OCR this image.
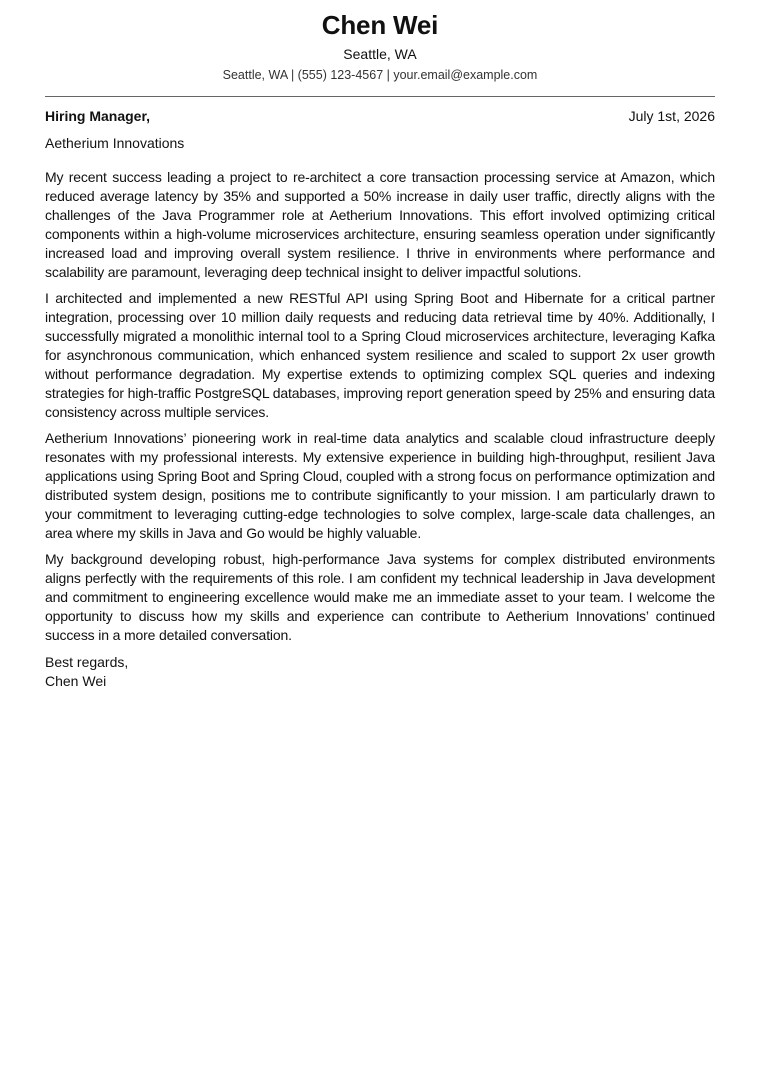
Chen Wei
Seattle, WA
Seattle, WA | (555) 123-4567 | your.email@example.com
Hiring Manager,	July 1st, 2026
Aetherium Innovations

My recent success leading a project to re-architect a core transaction processing service at Amazon, which reduced average latency by 35% and supported a 50% increase in daily user traffic, directly aligns with the challenges of the Java Programmer role at Aetherium Innovations. This effort involved optimizing critical components within a high-volume microservices architecture, ensuring seamless operation under significantly increased load and improving overall system resilience. I thrive in environments where performance and scalability are paramount, leveraging deep technical insight to deliver impactful solutions.

I architected and implemented a new RESTful API using Spring Boot and Hibernate for a critical partner integration, processing over 10 million daily requests and reducing data retrieval time by 40%. Additionally, I successfully migrated a monolithic internal tool to a Spring Cloud microservices architecture, leveraging Kafka for asynchronous communication, which enhanced system resilience and scaled to support 2x user growth without performance degradation. My expertise extends to optimizing complex SQL queries and indexing strategies for high-traffic PostgreSQL databases, improving report generation speed by 25% and ensuring data consistency across multiple services.

Aetherium Innovations’ pioneering work in real-time data analytics and scalable cloud infrastructure deeply resonates with my professional interests. My extensive experience in building high-throughput, resilient Java applications using Spring Boot and Spring Cloud, coupled with a strong focus on performance optimization and distributed system design, positions me to contribute significantly to your mission. I am particularly drawn to your commitment to leveraging cutting-edge technologies to solve complex, large-scale data challenges, an area where my skills in Java and Go would be highly valuable.

My background developing robust, high-performance Java systems for complex distributed environments aligns perfectly with the requirements of this role. I am confident my technical leadership in Java development and commitment to engineering excellence would make me an immediate asset to your team. I welcome the opportunity to discuss how my skills and experience can contribute to Aetherium Innovations’ continued success in a more detailed conversation.

Best regards,
Chen Wei
